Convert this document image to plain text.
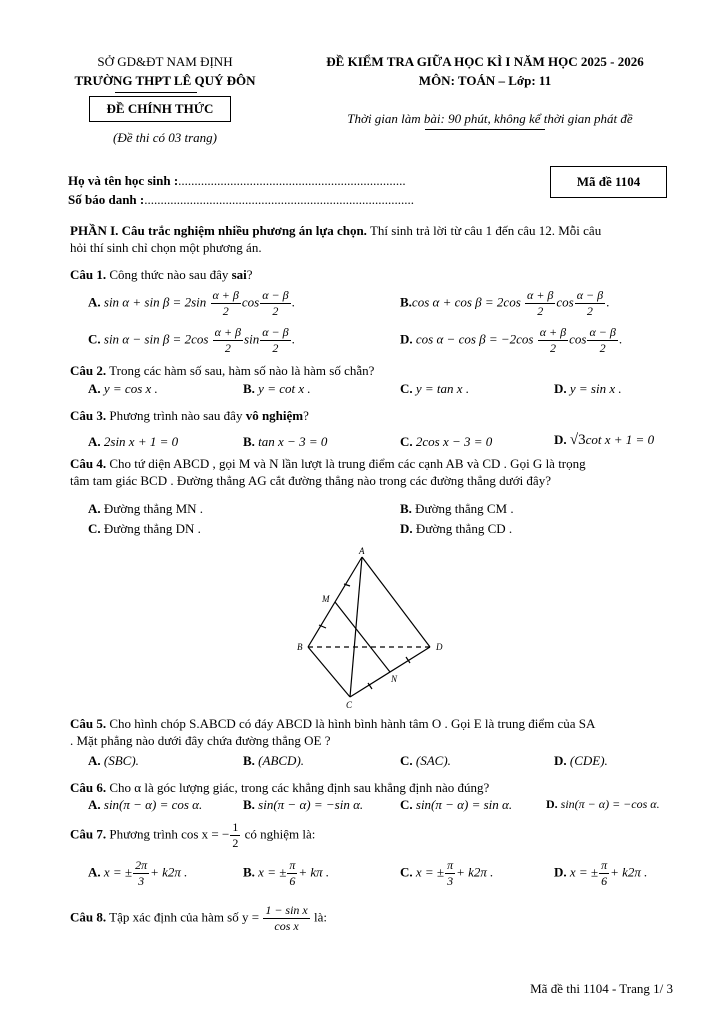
SỞ GD&ĐT NAM ĐỊNH
TRƯỜNG THPT LÊ QUÝ ĐÔN
ĐỀ CHÍNH THỨC
(Đề thi có 03 trang)
ĐỀ KIỂM TRA GIỮA HỌC KÌ I NĂM HỌC 2025 - 2026
MÔN: TOÁN – Lớp: 11
Thời gian làm bài: 90 phút, không kể thời gian phát đề
Họ và tên học sinh :......................................................................
Số báo danh :...................................................................................
Mã đề 1104
PHẦN I. Câu trắc nghiệm nhiều phương án lựa chọn. Thí sinh trả lời từ câu 1 đến câu 12. Mỗi câu
hỏi thí sinh chỉ chọn một phương án.
Câu 1. Công thức nào sau đây sai?
A. $\sin \alpha + \sin \beta = 2\sin \frac{\alpha + \beta}{2}$ $\cos \frac{\alpha - \beta}{2}$ .	B.cos $\alpha + \cos \beta = 2\cos \frac{\alpha + \beta}{2}$ $\cos \frac{\alpha - \beta}{2}$ .
C. $\sin \alpha - \sin \beta = 2\cos \frac{\alpha + \beta}{2}$ $\sin \frac{\alpha - \beta}{2}$ .	D. $\cos \alpha - \cos \beta = -2\cos \frac{\alpha + \beta}{2}$ $\cos \frac{\alpha - \beta}{2}$ .
Câu 2. Trong các hàm số sau, hàm số nào là hàm số chẵn?
A. y = cos x .	B. y = cot x .	C. y = tan x .	D. y = sin x .
Câu 3. Phương trình nào sau đây vô nghiệm?
A. 2sin x + 1 = 0	B. tan x − 3 = 0	C. 2cos x − 3 = 0	D. √3cot x + 1 = 0
Câu 4. Cho tứ diện ABCD , gọi M và N lần lượt là trung điểm các cạnh AB và CD . Gọi G là trọng
tâm tam giác BCD . Đường thẳng AG cắt đường thẳng nào trong các đường thẳng dưới đây?
A. Đường thẳng MN .	B. Đường thẳng CM .
C. Đường thẳng DN .	D. Đường thẳng CD .
A
B
C
D
M
N
Câu 5. Cho hình chóp S.ABCD có đáy ABCD là hình bình hành tâm O . Gọi E là trung điểm của SA
. Mặt phẳng nào dưới đây chứa đường thẳng OE ?
A. (SBC).	B. (ABCD).	C. (SAC).	D. (CDE).
Câu 6. Cho α là góc lượng giác, trong các khẳng định sau khẳng định nào đúng?
A. sin(π − α) = cos α.	B. sin(π − α) = −sin α.	C. sin(π − α) = sin α.	D. sin(π − α) = −cos α.
Câu 7. Phương trình cos x = − $\frac{1}{2}$ có nghiệm là:
A. x = ± $\frac{2\pi}{3} + k2\pi$ .	B. x = ± $\frac{\pi}{6} + k\pi$ .	C. x = ± $\frac{\pi}{3} + k2\pi$ .	D. x = ± $\frac{\pi}{6} + k2\pi$ .
Câu 8. Tập xác định của hàm số $y = \frac{\text{1 − sin x}}{\text{cos x}}$ là:
Mã đề thi 1104 - Trang 1/ 3
